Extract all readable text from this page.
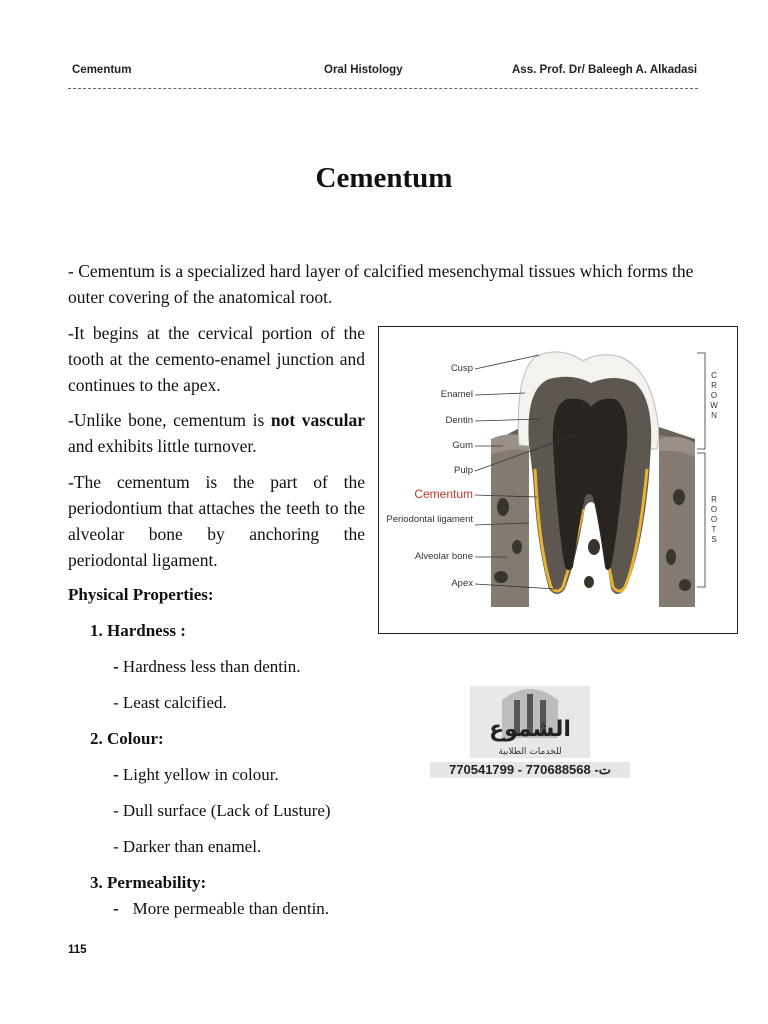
Cementum	Oral Histology	Ass. Prof. Dr/ Baleegh A. Alkadasi
Cementum

- Cementum is a specialized hard layer of calcified mesenchymal tissues which forms the outer covering of the anatomical root.

-It begins at the cervical portion of the tooth at the cemento-enamel junction and continues to the apex.

-Unlike bone, cementum is not vascular and exhibits little turnover.

-The cementum is the part of the periodontium that attaches the teeth to the alveolar bone by anchoring the periodontal ligament.

Physical Properties:
1. Hardness :
- Hardness less than dentin.
- Least calcified.
2. Colour:
- Light yellow in colour.
- Dull surface (Lack of Lusture)
- Darker than enamel.
3. Permeability:
- More permeable than dentin.
Cusp
Enamel
Dentin
Gum
Pulp
Cementum
Periodontal ligament
Alveolar bone
Apex
CROWN
ROOTS
الشموع
للخدمات الطلابية
770541799 - 770688568 -ت
115
